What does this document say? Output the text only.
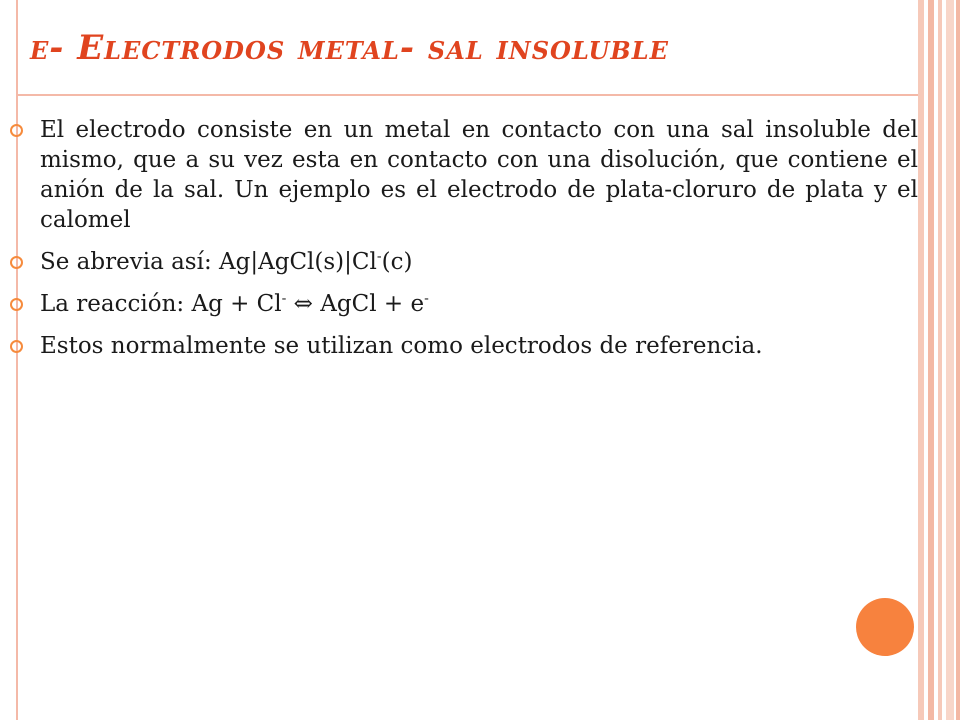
e- Electrodos metal- sal insoluble
El electrodo consiste en un metal en contacto con una sal insoluble del mismo, que a su vez esta en contacto con una disolución, que contiene el anión de la sal. Un ejemplo es el electrodo de plata-cloruro de plata y el calomel
Se abrevia así: Ag|AgCl(s)|Cl-(c)
La reacción: Ag + Cl- ⇔ AgCl + e-
Estos normalmente se utilizan como electrodos de referencia.
